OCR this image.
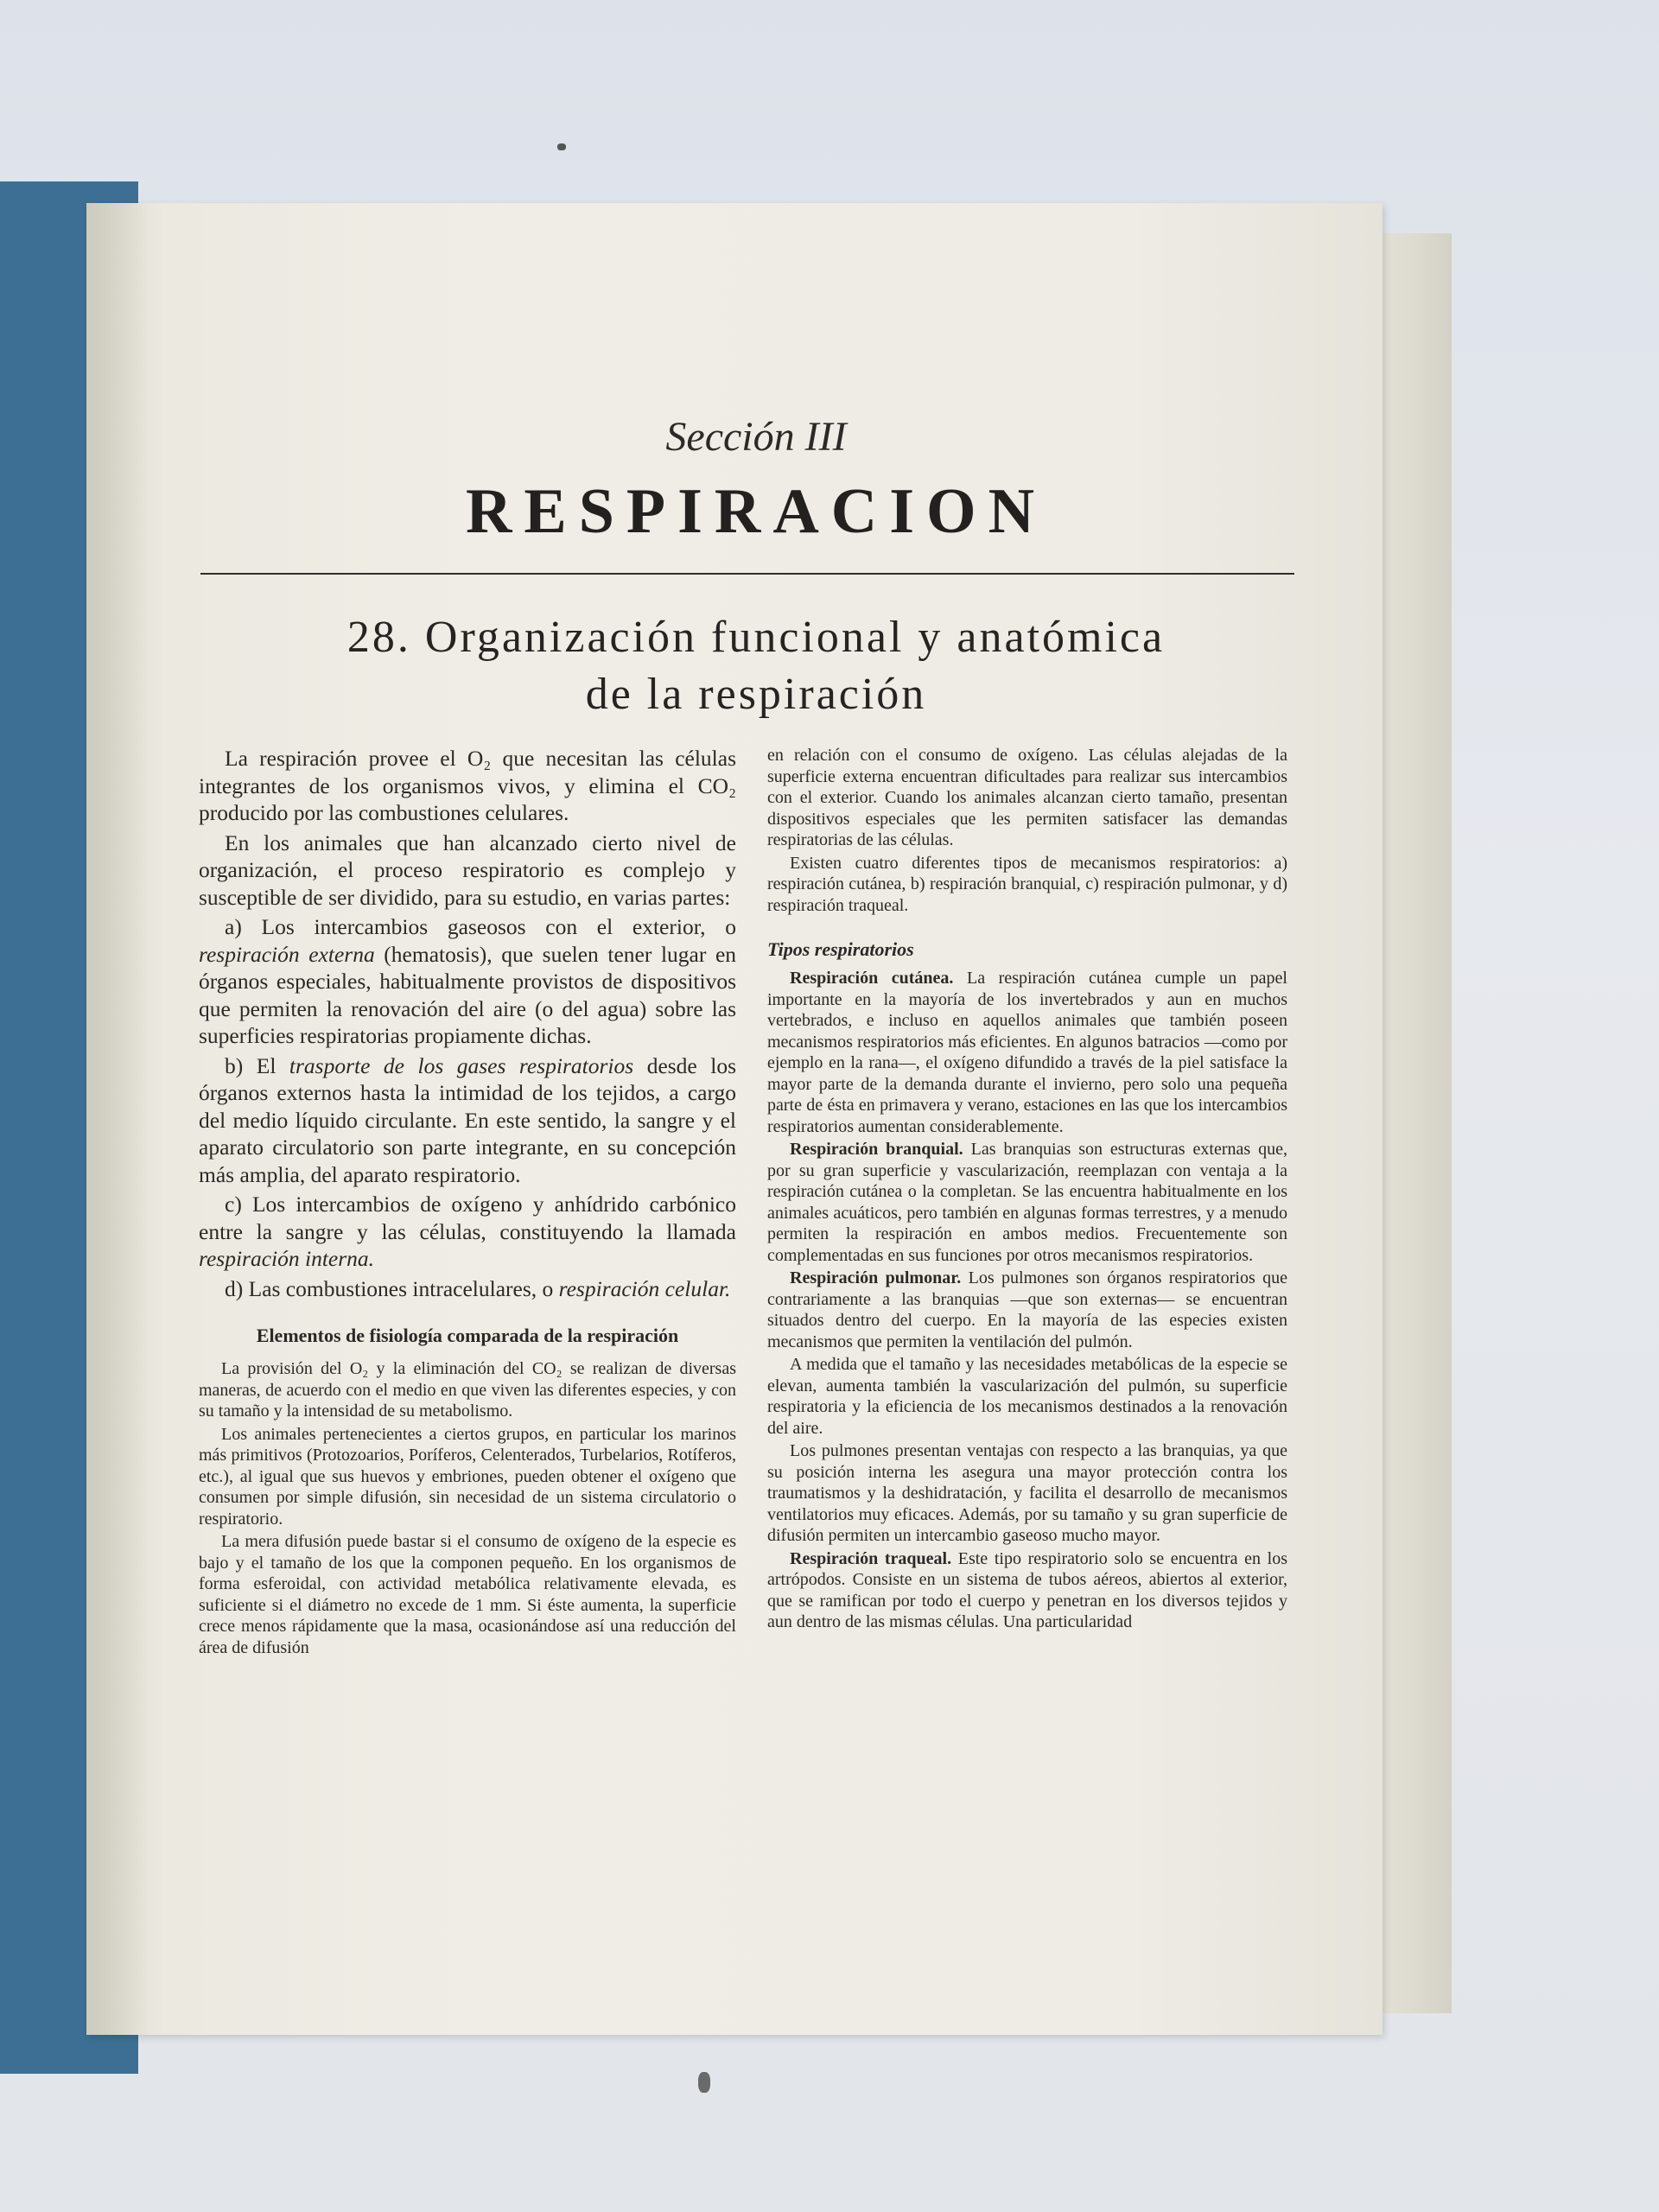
Sección III
RESPIRACION
28. Organización funcional y anatómica
de la respiración

La respiración provee el O₂ que necesitan las células integrantes de los organismos vivos, y elimina el CO₂ producido por las combustiones celulares.

En los animales que han alcanzado cierto nivel de organización, el proceso respiratorio es complejo y susceptible de ser dividido, para su estudio, en varias partes:

a) Los intercambios gaseosos con el exterior, o respiración externa (hematosis), que suelen tener lugar en órganos especiales, habitualmente provistos de dispositivos que permiten la renovación del aire (o del agua) sobre las superficies respiratorias propiamente dichas.

b) El trasporte de los gases respiratorios desde los órganos externos hasta la intimidad de los tejidos, a cargo del medio líquido circulante. En este sentido, la sangre y el aparato circulatorio son parte integrante, en su concepción más amplia, del aparato respiratorio.

c) Los intercambios de oxígeno y anhídrido carbónico entre la sangre y las células, constituyendo la llamada respiración interna.

d) Las combustiones intracelulares, o respiración celular.

Elementos de fisiología comparada de la respiración

La provisión del O₂ y la eliminación del CO₂ se realizan de diversas maneras, de acuerdo con el medio en que viven las diferentes especies, y con su tamaño y la intensidad de su metabolismo.

Los animales pertenecientes a ciertos grupos, en particular los marinos más primitivos (Protozoarios, Poríferos, Celenterados, Turbelarios, Rotíferos, etc.), al igual que sus huevos y embriones, pueden obtener el oxígeno que consumen por simple difusión, sin necesidad de un sistema circulatorio o respiratorio.

La mera difusión puede bastar si el consumo de oxígeno de la especie es bajo y el tamaño de los que la componen pequeño. En los organismos de forma esferoidal, con actividad metabólica relativamente elevada, es suficiente si el diámetro no excede de 1 mm. Si éste aumenta, la superficie crece menos rápidamente que la masa, ocasionándose así una reducción del área de difusión

en relación con el consumo de oxígeno. Las células alejadas de la superficie externa encuentran dificultades para realizar sus intercambios con el exterior. Cuando los animales alcanzan cierto tamaño, presentan dispositivos especiales que les permiten satisfacer las demandas respiratorias de las células.

Existen cuatro diferentes tipos de mecanismos respiratorios: a) respiración cutánea, b) respiración branquial, c) respiración pulmonar, y d) respiración traqueal.

Tipos respiratorios

Respiración cutánea. La respiración cutánea cumple un papel importante en la mayoría de los invertebrados y aun en muchos vertebrados, e incluso en aquellos animales que también poseen mecanismos respiratorios más eficientes. En algunos batracios —como por ejemplo en la rana—, el oxígeno difundido a través de la piel satisface la mayor parte de la demanda durante el invierno, pero solo una pequeña parte de ésta en primavera y verano, estaciones en las que los intercambios respiratorios aumentan considerablemente.

Respiración branquial. Las branquias son estructuras externas que, por su gran superficie y vascularización, reemplazan con ventaja a la respiración cutánea o la completan. Se las encuentra habitualmente en los animales acuáticos, pero también en algunas formas terrestres, y a menudo permiten la respiración en ambos medios. Frecuentemente son complementadas en sus funciones por otros mecanismos respiratorios.

Respiración pulmonar. Los pulmones son órganos respiratorios que contrariamente a las branquias —que son externas— se encuentran situados dentro del cuerpo. En la mayoría de las especies existen mecanismos que permiten la ventilación del pulmón.

A medida que el tamaño y las necesidades metabólicas de la especie se elevan, aumenta también la vascularización del pulmón, su superficie respiratoria y la eficiencia de los mecanismos destinados a la renovación del aire.

Los pulmones presentan ventajas con respecto a las branquias, ya que su posición interna les asegura una mayor protección contra los traumatismos y la deshidratación, y facilita el desarrollo de mecanismos ventilatorios muy eficaces. Además, por su tamaño y su gran superficie de difusión permiten un intercambio gaseoso mucho mayor.

Respiración traqueal. Este tipo respiratorio solo se encuentra en los artrópodos. Consiste en un sistema de tubos aéreos, abiertos al exterior, que se ramifican por todo el cuerpo y penetran en los diversos tejidos y aun dentro de las mismas células. Una particularidad
